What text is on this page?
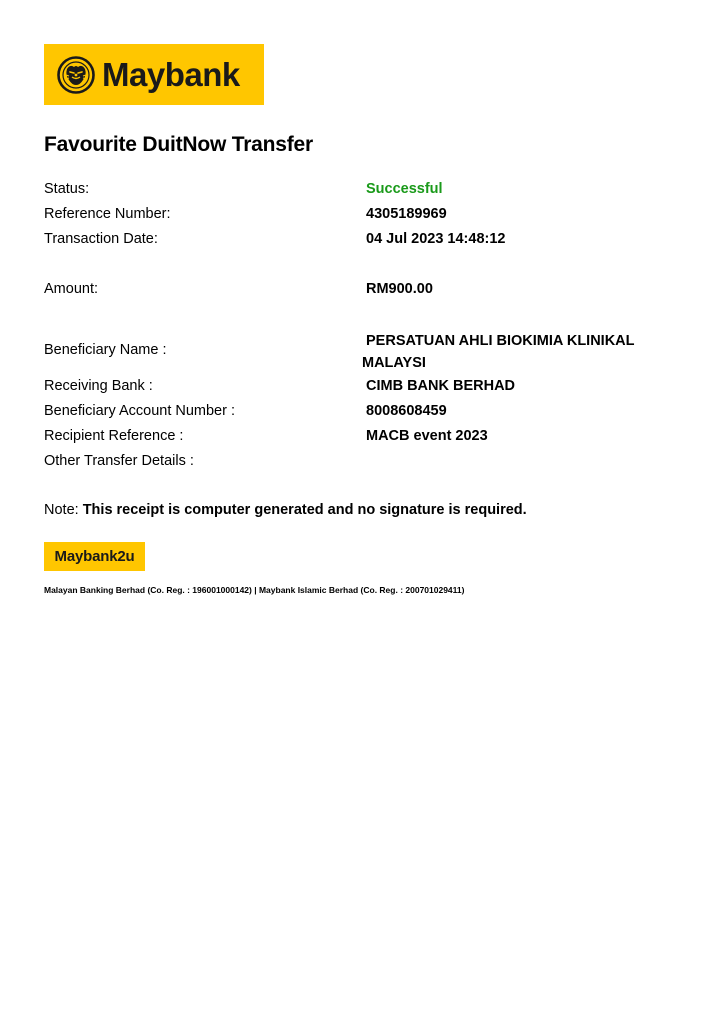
Maybank
Favourite DuitNow Transfer
Status:	Successful
Reference Number:	4305189969
Transaction Date:	04 Jul 2023 14:48:12
Amount:	RM900.00
Beneficiary Name :
PERSATUAN AHLI BIOKIMIA KLINIKAL
MALAYSI
Receiving Bank :	CIMB BANK BERHAD
Beneficiary Account Number :	8008608459
Recipient Reference :	MACB event 2023
Other Transfer Details :
Note: This receipt is computer generated and no signature is required.
Maybank2u
Malayan Banking Berhad (Co. Reg. : 196001000142) | Maybank Islamic Berhad (Co. Reg. : 200701029411)
